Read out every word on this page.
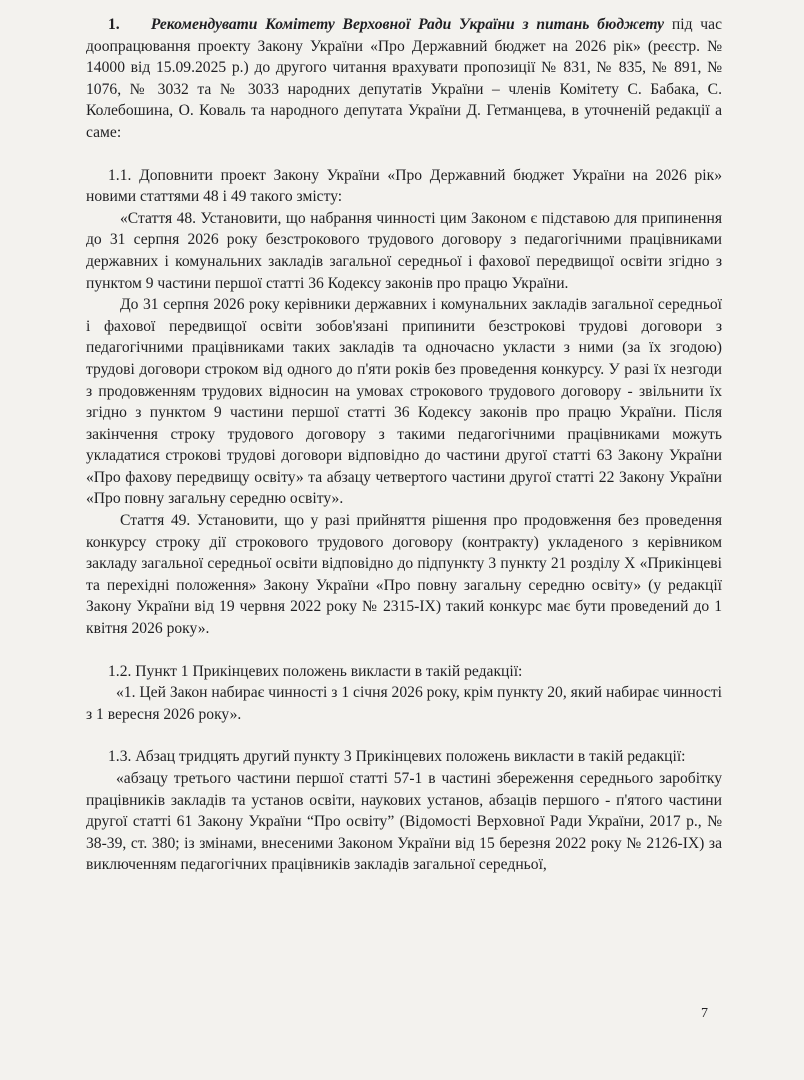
1. Рекомендувати Комітету Верховної Ради України з питань бюджету під час доопрацювання проекту Закону України «Про Державний бюджет на 2026 рік» (реєстр. № 14000 від 15.09.2025 р.) до другого читання врахувати пропозиції № 831, № 835, № 891, № 1076, № 3032 та № 3033 народних депутатів України – членів Комітету С. Бабака, С. Колебошина, О. Коваль та народного депутата України Д. Гетманцева, в уточненій редакції а саме:

1.1. Доповнити проект Закону України «Про Державний бюджет України на 2026 рік» новими статтями 48 і 49 такого змісту:

«Стаття 48. Установити, що набрання чинності цим Законом є підставою для припинення до 31 серпня 2026 року безстрокового трудового договору з педагогічними працівниками державних і комунальних закладів загальної середньої і фахової передвищої освіти згідно з пунктом 9 частини першої статті 36 Кодексу законів про працю України.

До 31 серпня 2026 року керівники державних і комунальних закладів загальної середньої і фахової передвищої освіти зобов'язані припинити безстрокові трудові договори з педагогічними працівниками таких закладів та одночасно укласти з ними (за їх згодою) трудові договори строком від одного до п'яти років без проведення конкурсу. У разі їх незгоди з продовженням трудових відносин на умовах строкового трудового договору - звільнити їх згідно з пунктом 9 частини першої статті 36 Кодексу законів про працю України. Після закінчення строку трудового договору з такими педагогічними працівниками можуть укладатися строкові трудові договори відповідно до частини другої статті 63 Закону України «Про фахову передвищу освіту» та абзацу четвертого частини другої статті 22 Закону України «Про повну загальну середню освіту».

Стаття 49. Установити, що у разі прийняття рішення про продовження без проведення конкурсу строку дії строкового трудового договору (контракту) укладеного з керівником закладу загальної середньої освіти відповідно до підпункту 3 пункту 21 розділу X «Прикінцеві та перехідні положення» Закону України «Про повну загальну середню освіту» (у редакції Закону України від 19 червня 2022 року № 2315-IX) такий конкурс має бути проведений до 1 квітня 2026 року».

1.2. Пункт 1 Прикінцевих положень викласти в такій редакції:

«1. Цей Закон набирає чинності з 1 січня 2026 року, крім пункту 20, який набирає чинності з 1 вересня 2026 року».

1.3. Абзац тридцять другий пункту 3 Прикінцевих положень викласти в такій редакції:

«абзацу третього частини першої статті 57-1 в частині збереження середнього заробітку працівників закладів та установ освіти, наукових установ, абзаців першого - п'ятого частини другої статті 61 Закону України “Про освіту” (Відомості Верховної Ради України, 2017 р., № 38-39, ст. 380; із змінами, внесеними Законом України від 15 березня 2022 року № 2126-IX) за виключенням педагогічних працівників закладів загальної середньої,

7
